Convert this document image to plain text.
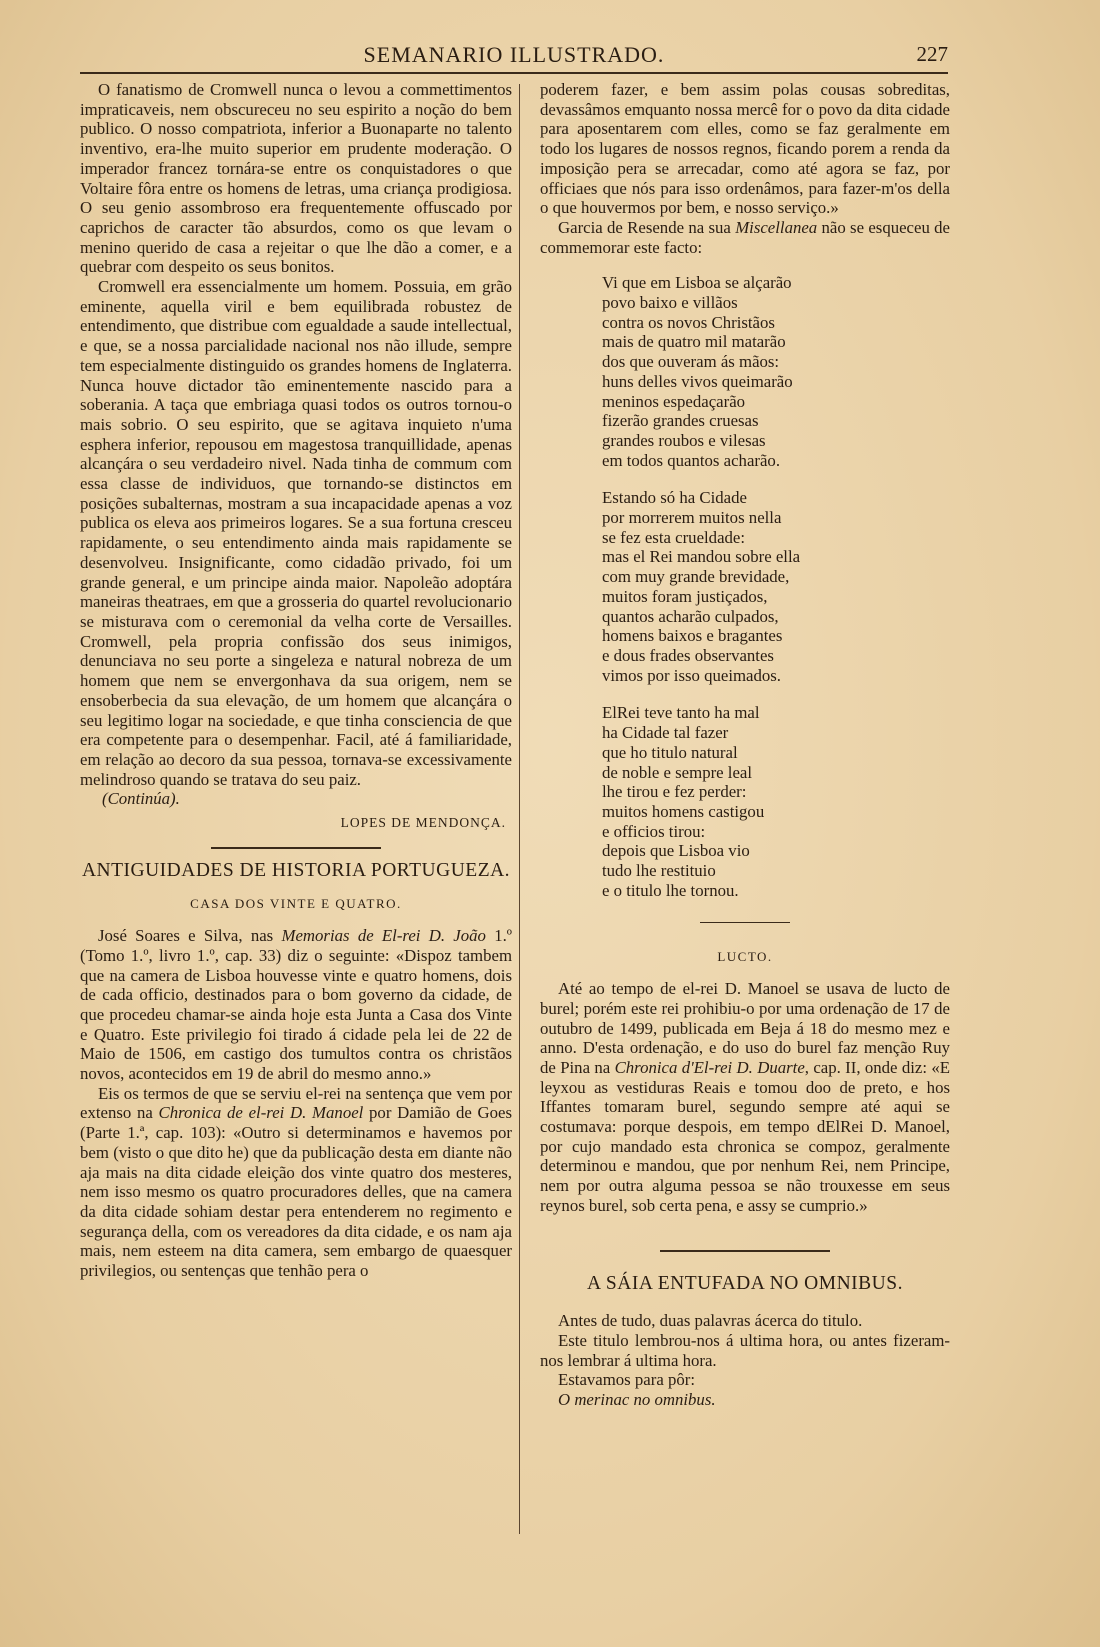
SEMANARIO ILLUSTRADO.	227

O fanatismo de Cromwell nunca o levou a commettimentos impraticaveis, nem obscureceu no seu espirito a noção do bem publico. O nosso compatriota, inferior a Buonaparte no talento inventivo, era-lhe muito superior em prudente moderação. O imperador francez tornára-se entre os conquistadores o que Voltaire fôra entre os homens de letras, uma criança prodigiosa. O seu genio assombroso era frequentemente offuscado por caprichos de caracter tão absurdos, como os que levam o menino querido de casa a rejeitar o que lhe dão a comer, e a quebrar com despeito os seus bonitos.

Cromwell era essencialmente um homem. Possuia, em grão eminente, aquella viril e bem equilibrada robustez de entendimento, que distribue com egualdade a saude intellectual, e que, se a nossa parcialidade nacional nos não illude, sempre tem especialmente distinguido os grandes homens de Inglaterra. Nunca houve dictador tão eminentemente nascido para a soberania. A taça que embriaga quasi todos os outros tornou-o mais sobrio. O seu espirito, que se agitava inquieto n'uma esphera inferior, repousou em magestosa tranquillidade, apenas alcançára o seu verdadeiro nivel. Nada tinha de commum com essa classe de individuos, que tornando-se distinctos em posições subalternas, mostram a sua incapacidade apenas a voz publica os eleva aos primeiros logares. Se a sua fortuna cresceu rapidamente, o seu entendimento ainda mais rapidamente se desenvolveu. Insignificante, como cidadão privado, foi um grande general, e um principe ainda maior. Napoleão adoptára maneiras theatraes, em que a grosseria do quartel revolucionario se misturava com o ceremonial da velha corte de Versailles. Cromwell, pela propria confissão dos seus inimigos, denunciava no seu porte a singeleza e natural nobreza de um homem que nem se envergonhava da sua origem, nem se ensoberbecia da sua elevação, de um homem que alcançára o seu legitimo logar na sociedade, e que tinha consciencia de que era competente para o desempenhar. Facil, até á familiaridade, em relação ao decoro da sua pessoa, tornava-se excessivamente melindroso quando se tratava do seu paiz.

(Continúa).

LOPES DE MENDONÇA.
ANTIGUIDADES DE HISTORIA PORTUGUEZA.
CASA DOS VINTE E QUATRO.

José Soares e Silva, nas Memorias de El-rei D. João 1.º (Tomo 1.º, livro 1.º, cap. 33) diz o seguinte: «Dispoz tambem que na camera de Lisboa houvesse vinte e quatro homens, dois de cada officio, destinados para o bom governo da cidade, de que procedeu chamar-se ainda hoje esta Junta a Casa dos Vinte e Quatro. Este privilegio foi tirado á cidade pela lei de 22 de Maio de 1506, em castigo dos tumultos contra os christãos novos, acontecidos em 19 de abril do mesmo anno.»

Eis os termos de que se serviu el-rei na sentença que vem por extenso na Chronica de el-rei D. Manoel por Damião de Goes (Parte 1.ª, cap. 103): «Outro si determinamos e havemos por bem (visto o que dito he) que da publicação desta em diante não aja mais na dita cidade eleição dos vinte quatro dos mesteres, nem isso mesmo os quatro procuradores delles, que na camera da dita cidade sohiam destar pera entenderem no regimento e segurança della, com os vereadores da dita cidade, e os nam aja mais, nem esteem na dita camera, sem embargo de quaesquer privilegios, ou sentenças que tenhão pera o

poderem fazer, e bem assim polas cousas sobreditas, devassâmos emquanto nossa mercê for o povo da dita cidade para aposentarem com elles, como se faz geralmente em todo los lugares de nossos regnos, ficando porem a renda da imposição pera se arrecadar, como até agora se faz, por officiaes que nós para isso ordenâmos, para fazer-m'os della o que houvermos por bem, e nosso serviço.»

Garcia de Resende na sua Miscellanea não se esqueceu de commemorar este facto:

Vi que em Lisboa se alçarão
povo baixo e villãos
contra os novos Christãos
mais de quatro mil matarão
dos que ouveram ás mãos:
huns delles vivos queimarão
meninos espedaçarão
fizerão grandes cruesas
grandes roubos e vilesas
em todos quantos acharão.
Estando só ha Cidade
por morrerem muitos nella
se fez esta crueldade:
mas el Rei mandou sobre ella
com muy grande brevidade,
muitos foram justiçados,
quantos acharão culpados,
homens baixos e bragantes
e dous frades observantes
vimos por isso queimados.
ElRei teve tanto ha mal
ha Cidade tal fazer
que ho titulo natural
de noble e sempre leal
lhe tirou e fez perder:
muitos homens castigou
e officios tirou:
depois que Lisboa vio
tudo lhe restituio
e o titulo lhe tornou.
LUCTO.

Até ao tempo de el-rei D. Manoel se usava de lucto de burel; porém este rei prohibiu-o por uma ordenação de 17 de outubro de 1499, publicada em Beja á 18 do mesmo mez e anno. D'esta ordenação, e do uso do burel faz menção Ruy de Pina na Chronica d'El-rei D. Duarte, cap. II, onde diz: «E leyxou as vestiduras Reais e tomou doo de preto, e hos Iffantes tomaram burel, segundo sempre até aqui se costumava: porque despois, em tempo dElRei D. Manoel, por cujo mandado esta chronica se compoz, geralmente determinou e mandou, que por nenhum Rei, nem Principe, nem por outra alguma pessoa se não trouxesse em seus reynos burel, sob certa pena, e assy se cumprio.»

A SÁIA ENTUFADA NO OMNIBUS.

Antes de tudo, duas palavras ácerca do titulo.

Este titulo lembrou-nos á ultima hora, ou antes fizeram-nos lembrar á ultima hora.

Estavamos para pôr:

O merinac no omnibus.
